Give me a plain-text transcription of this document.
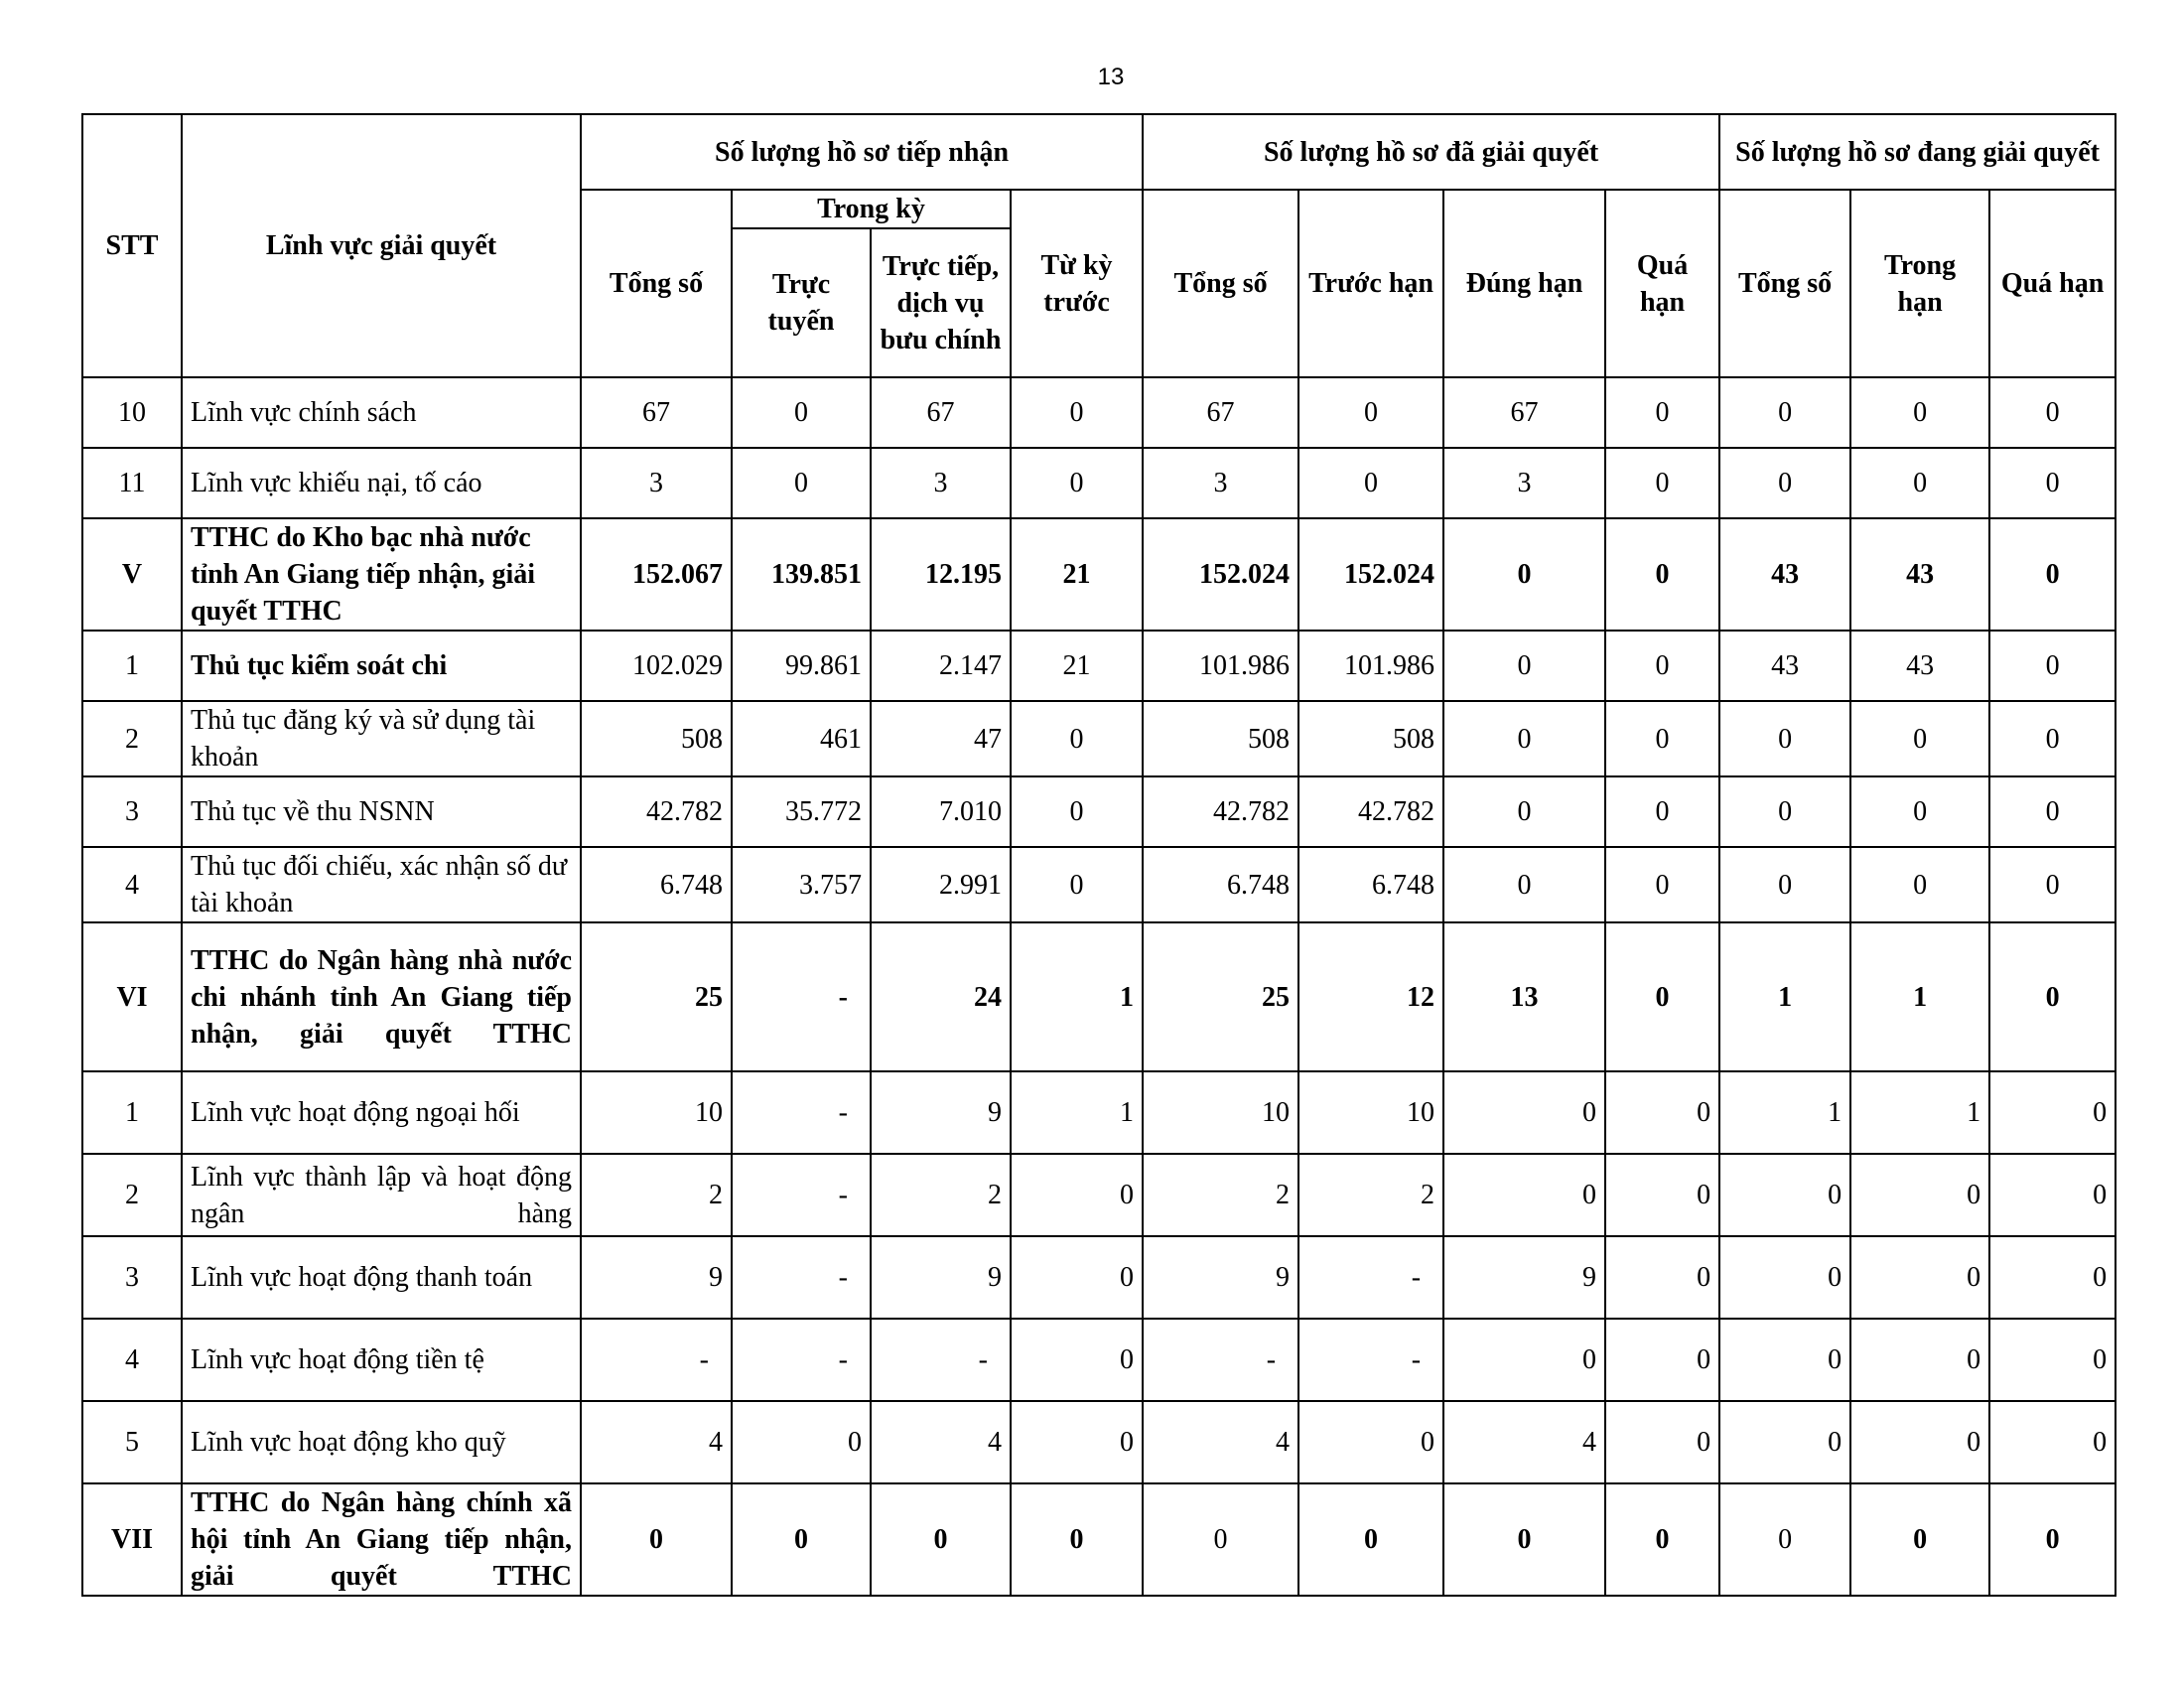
13
STT	Lĩnh vực giải quyết	Số lượng hồ sơ tiếp nhận				Số lượng hồ sơ đã giải quyết				Số lượng hồ sơ đang giải quyết		
		Tổng số	Trong kỳ		Từ kỳ trước	Tổng số	Trước hạn	Đúng hạn	Quá hạn	Tổng số	Trong hạn	Quá hạn
			Trực tuyến	Trực tiếp, dịch vụ bưu chính								
10	Lĩnh vực chính sách	67	0	67	0	67	0	67	0	0	0	0
11	Lĩnh vực khiếu nại, tố cáo	3	0	3	0	3	0	3	0	0	0	0
V	TTHC do Kho bạc nhà nước tỉnh An Giang tiếp nhận, giải quyết TTHC	152.067	139.851	12.195	21	152.024	152.024	0	0	43	43	0
1	Thủ tục kiểm soát chi	102.029	99.861	2.147	21	101.986	101.986	0	0	43	43	0
2	Thủ tục đăng ký và sử dụng tài khoản	508	461	47	0	508	508	0	0	0	0	0
3	Thủ tục về thu NSNN	42.782	35.772	7.010	0	42.782	42.782	0	0	0	0	0
4	Thủ tục đối chiếu, xác nhận số dư tài khoản	6.748	3.757	2.991	0	6.748	6.748	0	0	0	0	0
VI	TTHC do Ngân hàng nhà nước chi nhánh tỉnh An Giang tiếp nhận, giải quyết TTHC	25	-	24	1	25	12	13	0	1	1	0
1	Lĩnh vực hoạt động ngoại hối	10	-	9	1	10	10	0	0	1	1	0
2	Lĩnh vực thành lập và hoạt động ngân hàng	2	-	2	0	2	2	0	0	0	0	0
3	Lĩnh vực hoạt động thanh toán	9	-	9	0	9	-	9	0	0	0	0
4	Lĩnh vực hoạt động tiền tệ	-	-	-	0	-	-	0	0	0	0	0
5	Lĩnh vực hoạt động kho quỹ	4	0	4	0	4	0	4	0	0	0	0
VII	TTHC do Ngân hàng chính xã hội tỉnh An Giang tiếp nhận, giải quyết TTHC	0	0	0	0	0	0	0	0	0	0	0
